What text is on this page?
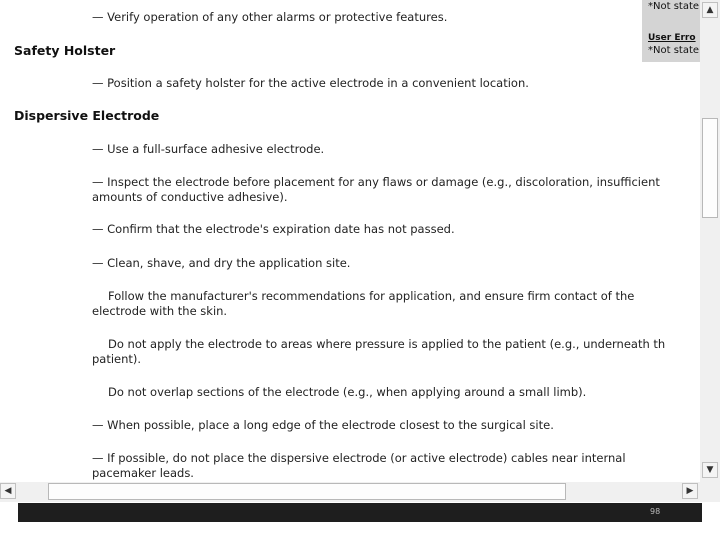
— Verify operation of any other alarms or protective features.
Safety Holster
— Position a safety holster for the active electrode in a convenient location.
Dispersive Electrode
— Use a full-surface adhesive electrode.
— Inspect the electrode before placement for any flaws or damage (e.g., discoloration, insufficient
amounts of conductive adhesive).
— Confirm that the electrode's expiration date has not passed.
— Clean, shave, and dry the application site.
Follow the manufacturer's recommendations for application, and ensure firm contact of the
electrode with the skin.
Do not apply the electrode to areas where pressure is applied to the patient (e.g., underneath th
patient).
Do not overlap sections of the electrode (e.g., when applying around a small limb).
— When possible, place a long edge of the electrode closest to the surgical site.
— If possible, do not place the dispersive electrode (or active electrode) cables near internal
pacemaker leads.
*Not state
User Erro
*Not state
▲
▼
◀	▶
98
